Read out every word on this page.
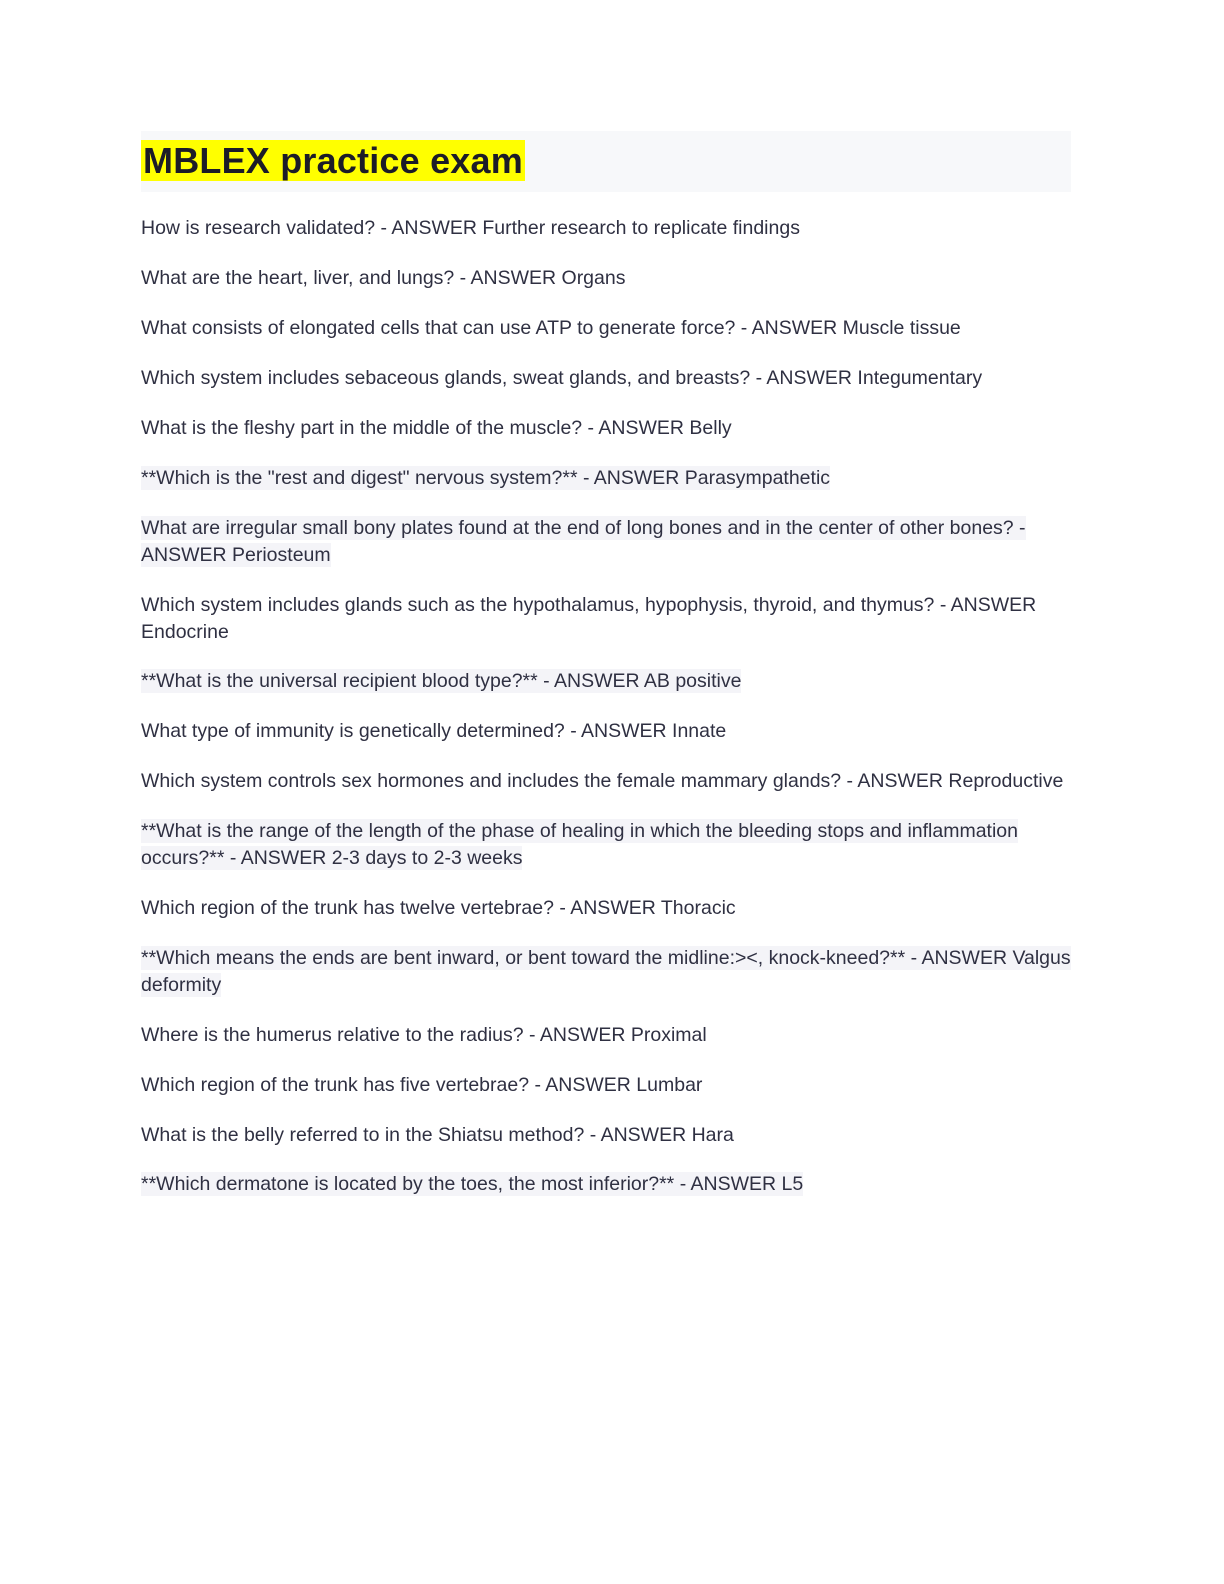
MBLEX practice exam
How is research validated? - ANSWER Further research to replicate findings
What are the heart, liver, and lungs? - ANSWER Organs
What consists of elongated cells that can use ATP to generate force? - ANSWER Muscle tissue
Which system includes sebaceous glands, sweat glands, and breasts? - ANSWER Integumentary
What is the fleshy part in the middle of the muscle? - ANSWER Belly
**Which is the "rest and digest" nervous system?** - ANSWER Parasympathetic
What are irregular small bony plates found at the end of long bones and in the center of other bones? - ANSWER Periosteum
Which system includes glands such as the hypothalamus, hypophysis, thyroid, and thymus? - ANSWER Endocrine
**What is the universal recipient blood type?** - ANSWER AB positive
What type of immunity is genetically determined? - ANSWER Innate
Which system controls sex hormones and includes the female mammary glands? - ANSWER Reproductive
**What is the range of the length of the phase of healing in which the bleeding stops and inflammation occurs?** - ANSWER 2-3 days to 2-3 weeks
Which region of the trunk has twelve vertebrae? - ANSWER Thoracic
**Which means the ends are bent inward, or bent toward the midline:><, knock-kneed?** - ANSWER Valgus deformity
Where is the humerus relative to the radius? - ANSWER Proximal
Which region of the trunk has five vertebrae? - ANSWER Lumbar
What is the belly referred to in the Shiatsu method? - ANSWER Hara
**Which dermatone is located by the toes, the most inferior?** - ANSWER L5
